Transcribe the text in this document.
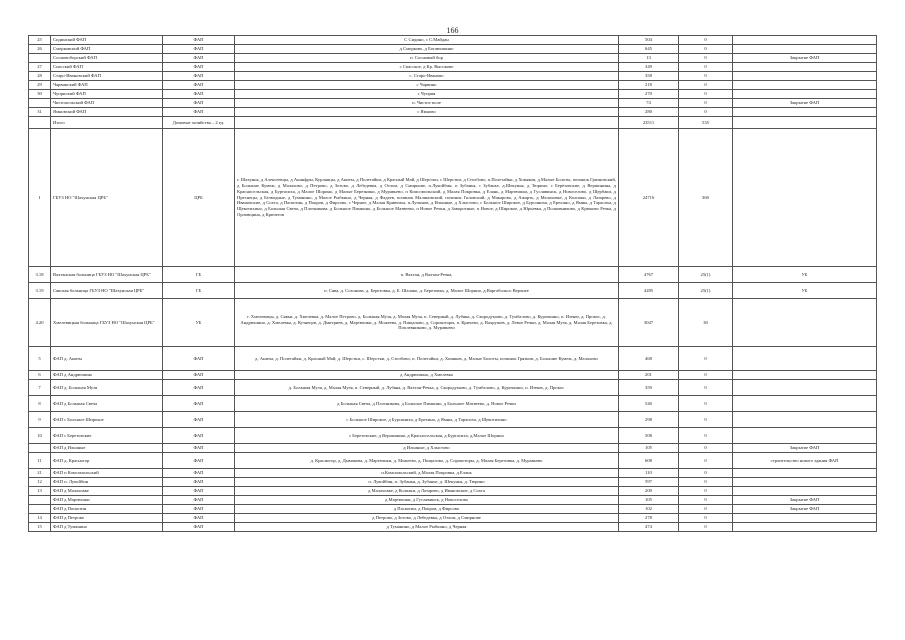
166
25	Сидинский ФАП	ФАП	С Сидино, с С.Майдан	504	0	
26	Сморковский ФАП	ФАП	д Сморково, д Богаюшкино	645	0	
	Сосновоборский ФАП	ФАП	п. Сосновый бор	13	0	Закрытие ФАП
27	Спасский ФАП	ФАП	с Спасское, д Кр. Высоково	349	0	
28	Старо-Ивановский ФАП	ФАП	с. Старо-Иваново	358	0	
29	Чарвинский ФАП	ФАП	с Чарвино	218	0	
30	Чуприский ФАП	ФАП	с Чуприя	270	0	
	Чистопольский ФАП	ФАП	п. Чистое поле	74	0	Закрытие ФАП
31	Ямновский ФАП	ФАП	с Ямново	280	0	
	Итого	Домовые хозяйства – 2 ед.		23511	535	
I	ГБУЗ НО "Шахунская ЦРБ"	ЦРБ	г. Шахунья, д Алексеевцы, д Акинфры, Курлянцы, д Аниты, д Полетайки, д Красный Май, д Шерстки, с Шерстки, д Столбово, п.Полетайки, д Хомяков, д.Малые Болоты, починок Грязновский, д Большие Кумеж, д Малахово, д Петрово, д Зотово, д Лебедевка, д Отлом, д Смирнове, п.Лукойбин, п Зубанья, с Зубанье, д.Шекунья, д Тюрино, с Берёзовские, д Вершинина, д Красносельская, д Буртасиха, д Малое Шорино, д Малые Березники, д Муравьево, п Комсомольский, д Малая Покровка, д Елань, д Мартюшки, д Гуслявинск, д Новоселово, д Щербаки, д Преснецы, д Безводные, д Туманино, д Малое Рыбкино, д Черная, д Фадеев, починок Малиновский, починок Гиловский, д Макарово, д Ажарть, д Малаховке, д Колпаки, д Лазарево, д Ивановские, д Сохта, д Паскотин, д Покров, д Фирсово, с Черное, д Малая Кривчиха, п.Лупинов, д Ильиные, д Хлыстово, с Большое Широкое, д Бурсиниха, д Ерехино, д Ямны, д Тарасиха, д Щекотихино, д Большая Свеча, д Плотникова, д Большое Пимкино, д Большое Матвеево, п Новое Речки, д Заворотные, п Новое, д Широкое, д Юрьевка, д Полковниково, д Крюково Речка, д Орловщина, д Кричегов	24716	360	
3.18	Вахтанская больница ГБУЗ НО "Шахунская ЦРБ"	ГБ	п. Вахтан, д Вахтан-Речка,	4767	25(1)	УБ
3.19	Сявская больница ГБУЗ НО "Шахунская ЦРБ"	ГБ	п. Сява, д. Созонова, д. Березовка, д. Б. Шалако, д. Березовка, д. Малое Шорино, д.Варгабольсо Верхнее	4285	25(1)	УБ
4.20	Хмелевицкая больница ГБУЗ НО "Шахунская ЦРБ"	УБ	г. Хмелевицы, д. Сявьи, д. Хмелевка, д. Малое Петрово, д. Большая Музя, д. Малая Музя, п. Северный, д. Лубяна, д. Скородумово, д. Тумбалово, д. Курочкино, п. Изеню, д. Прокос, д. Андрюшино, д. Хмелевка, д. Кузнецов, д. Дмитриев, д. Мартюшки, д. Можеево, д. Пищалово, д. Сорокоторы, п. Кричево, д. Вахрушев, д. Левое Речки, д. Малая Музя, д. Малая Березовка, д. Поплевниково, д. Муравьево	3047	30	
5	ФАП д. Аниты	ФАП	д. Аниты, д. Полетайки, д. Красный Май, д. Шерстки, с. Шерстки, д. Столбово, п. Полетайки, д. Хомяков, д. Малые Болоты, починок Грязнов, д. Большие Кумеж, д. Малахово	468	0	
6	ФАП д Андрюшино	ФАП	д Андрюшино, д Хмелевка	201	0	
7	ФАП д. Большая Музя	ФАП	д. Большая Музя, д. Малая Музя, п. Северный, д. Лубяна, д. Вахтан-Речка, д. Скородумово, д. Тумбалово, д. Курочкино, п. Изеню, д. Прокос	359	0	
8	ФАП д Большая Свеча	ФАП	д Большая Свеча, д Плотникова, д Большое Пимкино, д Большое Матвеево, д. Новое Речки	540	0	
9	ФАП с Большое Широкое	ФАП	с Большое Широкое, д Бурсиниха, д Ерехино, д Ямны, д Тарасиха, д Щекотихино	298	0	
10	ФАП с Березовские	ФАП	с Березовские, д Вершинина, д Красносельская, д Буртасиха, д.Малое Шорино	508	0	
	ФАП д Ильиные	ФАП	д Ильиные, д Хлыстово	105	0	Закрытие ФАП
11	ФАП д. Красногор	ФАП	д. Красногор, д. Дымакова, д. Мартюшки, д. Можеево, д. Пищалово, д. Сорокоторы, д. Малая Березовка, д. Муравьево	608	0	строительство нового здания ФАП
21	ФАП п Комсомольский	ФАП	п.Комсомольский, д.Малая Покровка, д.Елань	110	0	
12	ФАП п. Лукойбин	ФАП	п. Лукойбин, п. Зубанья, д. Зубанье, д. Шекунья, д. Тюрино	597	0	
13	ФАП д Малаховке	ФАП	д Малаховке, д Колпаки, д Лазарево, д Ивановские, д Сохта	200	0	
	ФАП д Мартюшки	ФАП	д Мартюшки, д Гуслявинск, д Новоселово	105	0	Закрытие ФАП
	ФАП д Паскотин	ФАП	д Паскотин, д Покров, д Фирсово	102	0	Закрытие ФАП
14	ФАП д Петрово	ФАП	д Петрово, д Зотово, д Лебедевка, д Отлом, д Смирнове	278	0	
15	ФАП д Туманино	ФАП	д Туманино, д Малое Рыбкино, д Черная	474	0	
